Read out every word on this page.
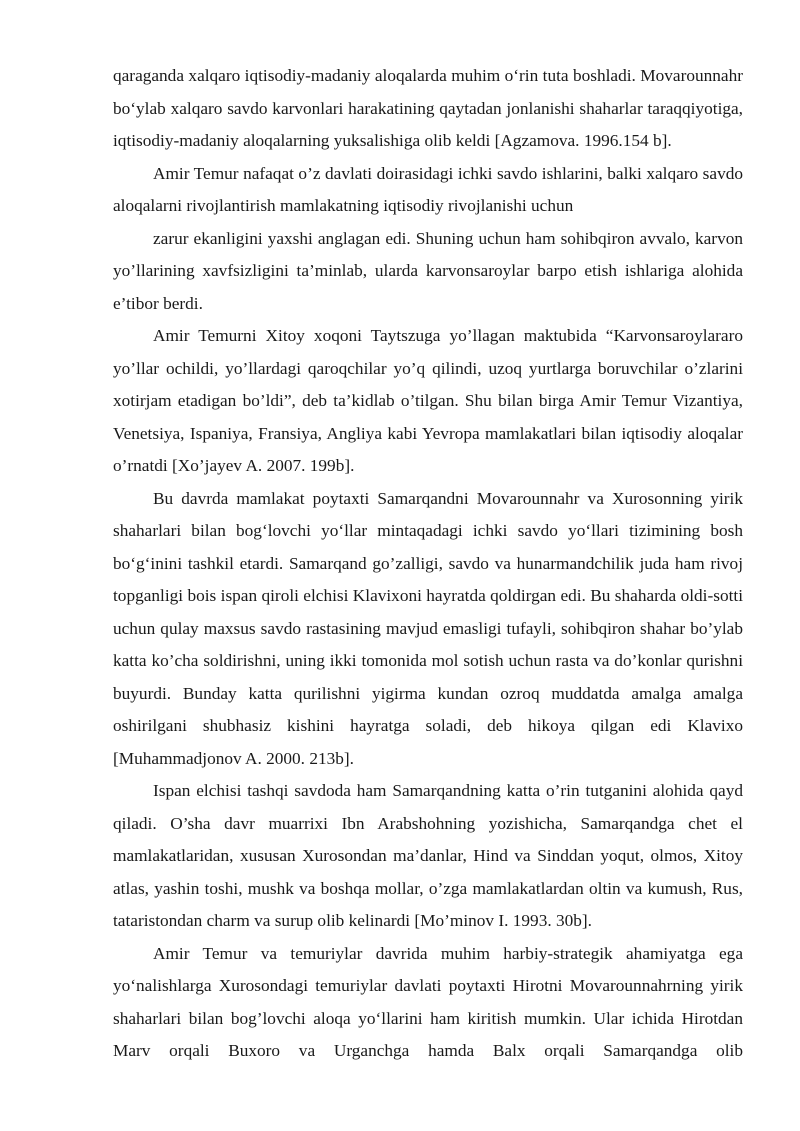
qaraganda xalqaro iqtisodiy-madaniy aloqalarda muhim o‘rin tuta boshladi. Movarounnahr bo‘ylab xalqaro savdo karvonlari harakatining qaytadan jonlanishi shaharlar taraqqiyotiga, iqtisodiy-madaniy aloqalarning yuksalishiga olib keldi [Agzamova. 1996.154 b].

Amir Temur nafaqat o’z davlati doirasidagi ichki savdo ishlarini, balki xalqaro savdo aloqalarni rivojlantirish mamlakatning iqtisodiy rivojlanishi uchun

zarur ekanligini yaxshi anglagan edi. Shuning uchun ham sohibqiron avvalo, karvon yo’llarining xavfsizligini ta’minlab, ularda karvonsaroylar barpo etish ishlariga alohida e’tibor berdi.

Amir Temurni Xitoy xoqoni Taytszuga yo’llagan maktubida “Karvonsaroylararo yo’llar ochildi, yo’llardagi qaroqchilar yo’q qilindi, uzoq yurtlarga boruvchilar o’zlarini xotirjam etadigan bo’ldi”, deb ta’kidlab o’tilgan. Shu bilan birga Amir Temur Vizantiya, Venetsiya, Ispaniya, Fransiya, Angliya kabi Yevropa mamlakatlari bilan iqtisodiy aloqalar o’rnatdi [Xo’jayev A. 2007. 199b].

Bu davrda mamlakat poytaxti Samarqandni Movarounnahr va Xurosonning yirik shaharlari bilan bog‘lovchi yo‘llar mintaqadagi ichki savdo yo‘llari tizimining bosh bo‘g‘inini tashkil etardi. Samarqand go’zalligi, savdo va hunarmandchilik juda ham rivoj topganligi bois ispan qiroli elchisi Klavixoni hayratda qoldirgan edi. Bu shaharda oldi-sotti uchun qulay maxsus savdo rastasining mavjud emasligi tufayli, sohibqiron shahar bo’ylab katta ko’cha soldirishni, uning ikki tomonida mol sotish uchun rasta va do’konlar qurishni buyurdi. Bunday katta qurilishni yigirma kundan ozroq muddatda amalga amalga oshirilgani shubhasiz kishini hayratga soladi, deb hikoya qilgan edi Klavixo [Muhammadjonov A. 2000. 213b].

Ispan elchisi tashqi savdoda ham Samarqandning katta o’rin tutganini alohida qayd qiladi. O’sha davr muarrixi Ibn Arabshohning yozishicha, Samarqandga chet el mamlakatlaridan, xususan Xurosondan ma’danlar, Hind va Sinddan yoqut, olmos, Xitoy atlas, yashin toshi, mushk va boshqa mollar, o’zga mamlakatlardan oltin va kumush, Rus, tataristondan charm va surup olib kelinardi [Mo’minov I. 1993. 30b].

Amir Temur va temuriylar davrida muhim harbiy-strategik ahamiyatga ega yo‘nalishlarga Xurosondagi temuriylar davlati poytaxti Hirotni Movarounnahrning yirik shaharlari bilan bog’lovchi aloqa yo‘llarini ham kiritish mumkin. Ular ichida Hirotdan Marv orqali Buxoro va Urganchga hamda Balx orqali Samarqandga olib
